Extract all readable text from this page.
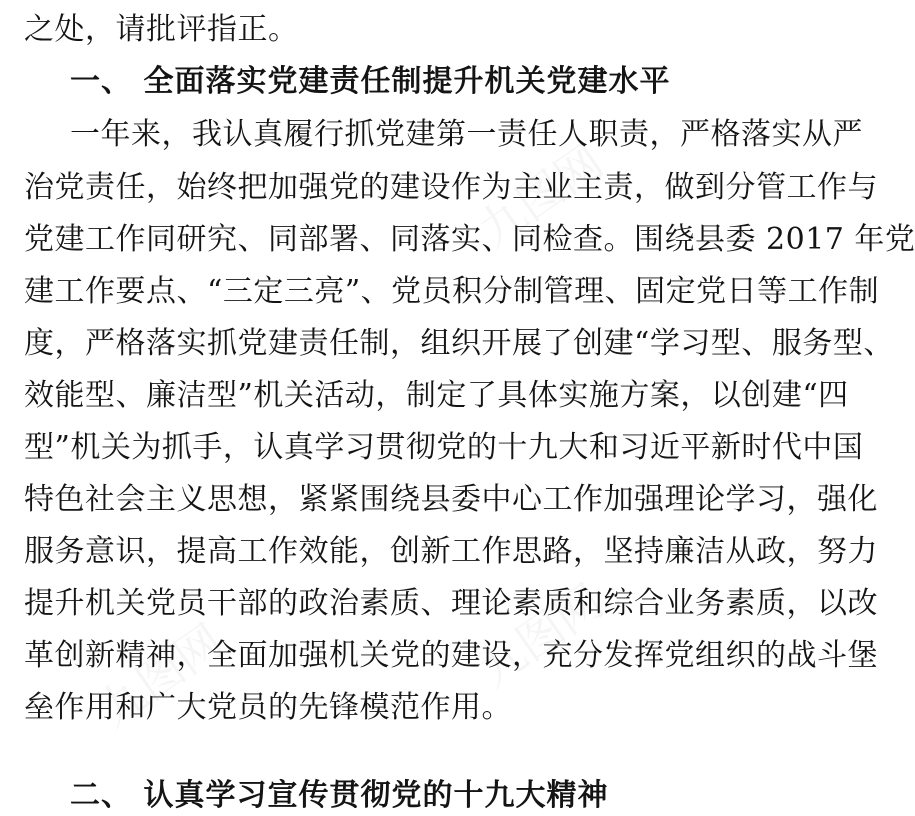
九图网
九图网	九图网
之处，请批评指正。
一、 全面落实党建责任制提升机关党建水平
一年来，我认真履行抓党建第一责任人职责，严格落实从严
治党责任，始终把加强党的建设作为主业主责，做到分管工作与
党建工作同研究、同部署、同落实、同检查。围绕县委 2017 年党
建工作要点、“三定三亮”、党员积分制管理、固定党日等工作制
度，严格落实抓党建责任制，组织开展了创建“学习型、服务型、
效能型、廉洁型”机关活动，制定了具体实施方案，以创建“四
型”机关为抓手，认真学习贯彻党的十九大和习近平新时代中国
特色社会主义思想，紧紧围绕县委中心工作加强理论学习，强化
服务意识，提高工作效能，创新工作思路，坚持廉洁从政，努力
提升机关党员干部的政治素质、理论素质和综合业务素质，以改
革创新精神，全面加强机关党的建设，充分发挥党组织的战斗堡
垒作用和广大党员的先锋模范作用。
二、 认真学习宣传贯彻党的十九大精神
